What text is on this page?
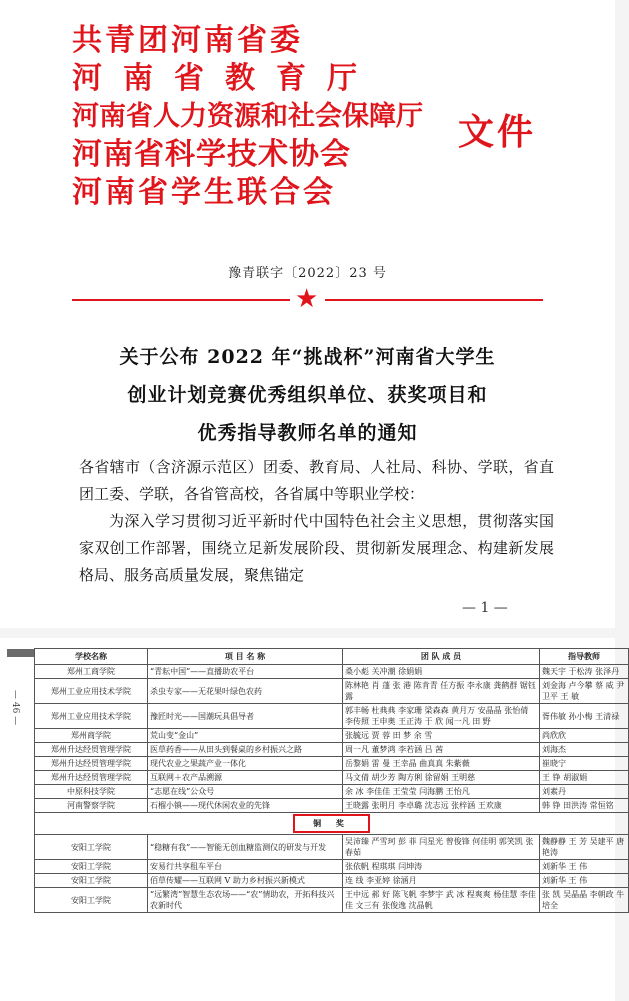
共青团河南省委
河南省教育厅
河南省人力资源和社会保障厅
河南省科学技术协会
河南省学生联合会
文件
豫青联字〔2022〕23 号
★
关于公布 2022 年“挑战杯”河南省大学生
创业计划竞赛优秀组织单位、获奖项目和
优秀指导教师名单的通知

各省辖市（含济源示范区）团委、教育局、人社局、科协、学联，省直团工委、学联，各省管高校，各省属中等职业学校：

为深入学习贯彻习近平新时代中国特色社会主义思想，贯彻落实国家双创工作部署，围绕立足新发展阶段、贯彻新发展理念、构建新发展格局、服务高质量发展，聚焦锚定

— 1 —
— 46 —
学校名称	项 目 名 称	团 队 成 员	指导教师
郑州工商学院	“青耘中国”——直播助农平台	桑小彪 关冲潮 徐娟娟	魏天宇 于松涛 张泽丹
郑州工业应用技术学院	杀虫专家——无花果叶绿色农药	陈林艳 肖 蓬 张 港 陈肯青 任方振 李永康 龚鹤群 锯钰露	刘金海 卢今攀 蔡 威 尹卫平 王 敏
郑州工业应用技术学院	豫匠时光——国潮玩具倡导者	郭丰畅 杜典典 李家珊 梁森森 黄月万 安晶晶 张怡倩 李传照 王申奥 王正涛 于 欣 闻一凡 田 野	胥伟敏 孙小梅 王清禄
郑州商学院	荒山变“金山”	张毓远 贾 蓉 田 梦 余 雪	尚欣欣
郑州升达经贸管理学院	医草药香——从田头到餐桌的乡村振兴之路	周一凡 董梦鸿 李若涵 吕 茜	刘海杰
郑州升达经贸管理学院	现代农业之果蔬产业一体化	岳黎娟 雷 曼 王幸晶 曲真真 朱紫薇	崔晓宁
郑州升达经贸管理学院	互联网＋农产品溯源	马文倩 胡少芳 陶方俐 徐留娟 王明慈	王 铮 胡淑娟
中原科技学院	“志愿在线”公众号	余 冰 李佳佳 王莹莹 闫海鹏 王怡凡	刘素丹
河南警察学院	石榴小镇——现代休闲农业的先锋	王晓露 张明月 李卓璐 沈志远 张梓涵 王欢康	韩 铮 田洪涛 常恒铭
铜 奖			
安阳工学院	“稳糖有我”——智能无创血糖监测仪的研发与开发	吴沛臻 严雪珂 彭 菲 闫星光 曾俊锋 何佳明 郭笑凯 张春茹	魏静静 王 芳 吴建平 唐艳涛
安阳工学院	安易行共享租车平台	张依帆 程琪琪 闫坤涛	刘新华 王 伟
安阳工学院	佰草传耀——互联网 V 助力乡村振兴新模式	连 线 李亚婷 徐涵月	刘新华 王 伟
安阳工学院	“远繁湾”智慧生态农场——“农”情助农，开拓科技兴农新时代	王中远 郝 好 陈飞帆 李梦宇 武 冰 程爽爽 杨佳慧 李佳佳 文三有 张俊逸 沈晶帆	张 凯 吴晶晶 李朝政 牛培全
